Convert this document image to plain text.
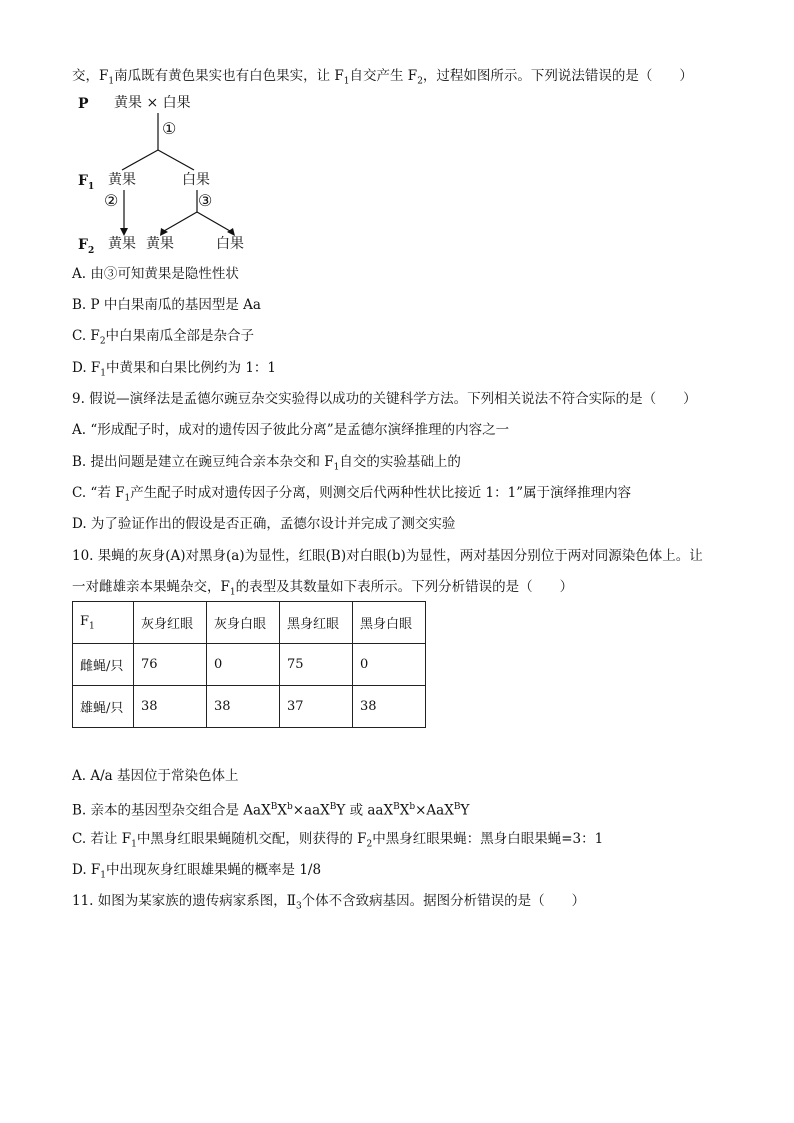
交，$F_1$南瓜既有黄色果实也有白色果实，让 $F_1$自交产生 $F_2$，过程如图所示。下列说法错误的是（　　）
P 黄果 × 白果
①
$F_1$ 黄果	白果
②	③
$F_2$ 黄果 黄果	白果
A. 由③可知黄果是隐性性状
B. P 中白果南瓜的基因型是 Aa
C. $F_2$中白果南瓜全部是杂合子
D. $F_1$中黄果和白果比例约为 1：1
9. 假说—演绎法是孟德尔豌豆杂交实验得以成功的关键科学方法。下列相关说法不符合实际的是（　　）
A. “形成配子时，成对的遗传因子彼此分离”是孟德尔演绎推理的内容之一
B. 提出问题是建立在豌豆纯合亲本杂交和 $F_1$自交的实验基础上的
C. “若 $F_1$产生配子时成对遗传因子分离，则测交后代两种性状比接近 1：1”属于演绎推理内容
D. 为了验证作出的假设是否正确，孟德尔设计并完成了测交实验
10. 果蝇的灰身(A)对黑身(a)为显性，红眼(B)对白眼(b)为显性，两对基因分别位于两对同源染色体上。让
一对雌雄亲本果蝇杂交，$F_1$的表型及其数量如下表所示。下列分析错误的是（　　）
$F_1$	灰身红眼	灰身白眼	黑身红眼	黑身白眼
雌蝇/只	76	0	75	0
雄蝇/只	38	38	37	38
A. A/a 基因位于常染色体上
B. 亲本的基因型杂交组合是 $AaX^BX^b\times aaX^BY$ 或 $aaX^BX^b\times AaX^BY$
C. 若让 $F_1$中黑身红眼果蝇随机交配，则获得的 $F_2$中黑身红眼果蝇：黑身白眼果蝇=3：1
D. $F_1$中出现灰身红眼雄果蝇的概率是 1/8
11. 如图为某家族的遗传病家系图，$Ⅱ_3$个体不含致病基因。据图分析错误的是（　　）
